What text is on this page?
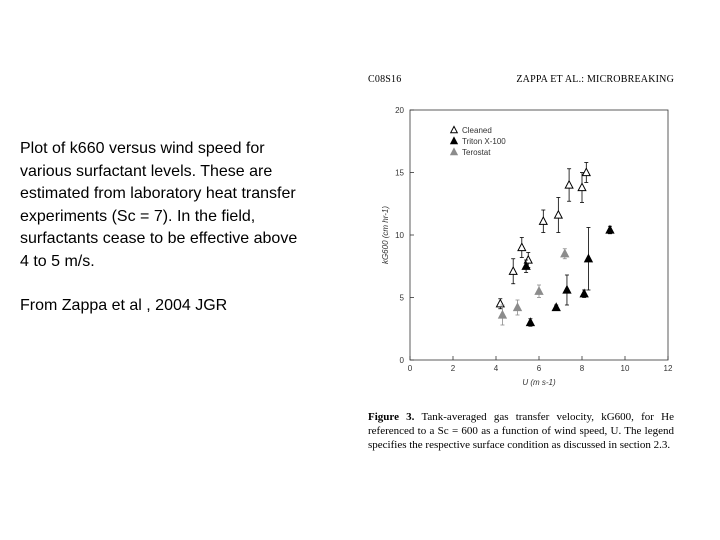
Plot of k660 versus wind speed for

various surfactant levels. These are

estimated from laboratory heat transfer

experiments (Sc = 7). In the field,

surfactants cease to be effective above

4 to 5 m/s.

From Zappa et al , 2004 JGR

C08S16	ZAPPA ET AL.: MICROBREAKING
0	2	4	6	8	10	12
0
5
10
15
20
U (m s-1)
kG600 (cm hr-1)
Cleaned
Triton X-100
Terostat
Figure 3. Tank-averaged gas transfer velocity, kG600, for He referenced to a Sc = 600 as a function of wind speed, U. The legend specifies the respective surface condition as discussed in section 2.3.
